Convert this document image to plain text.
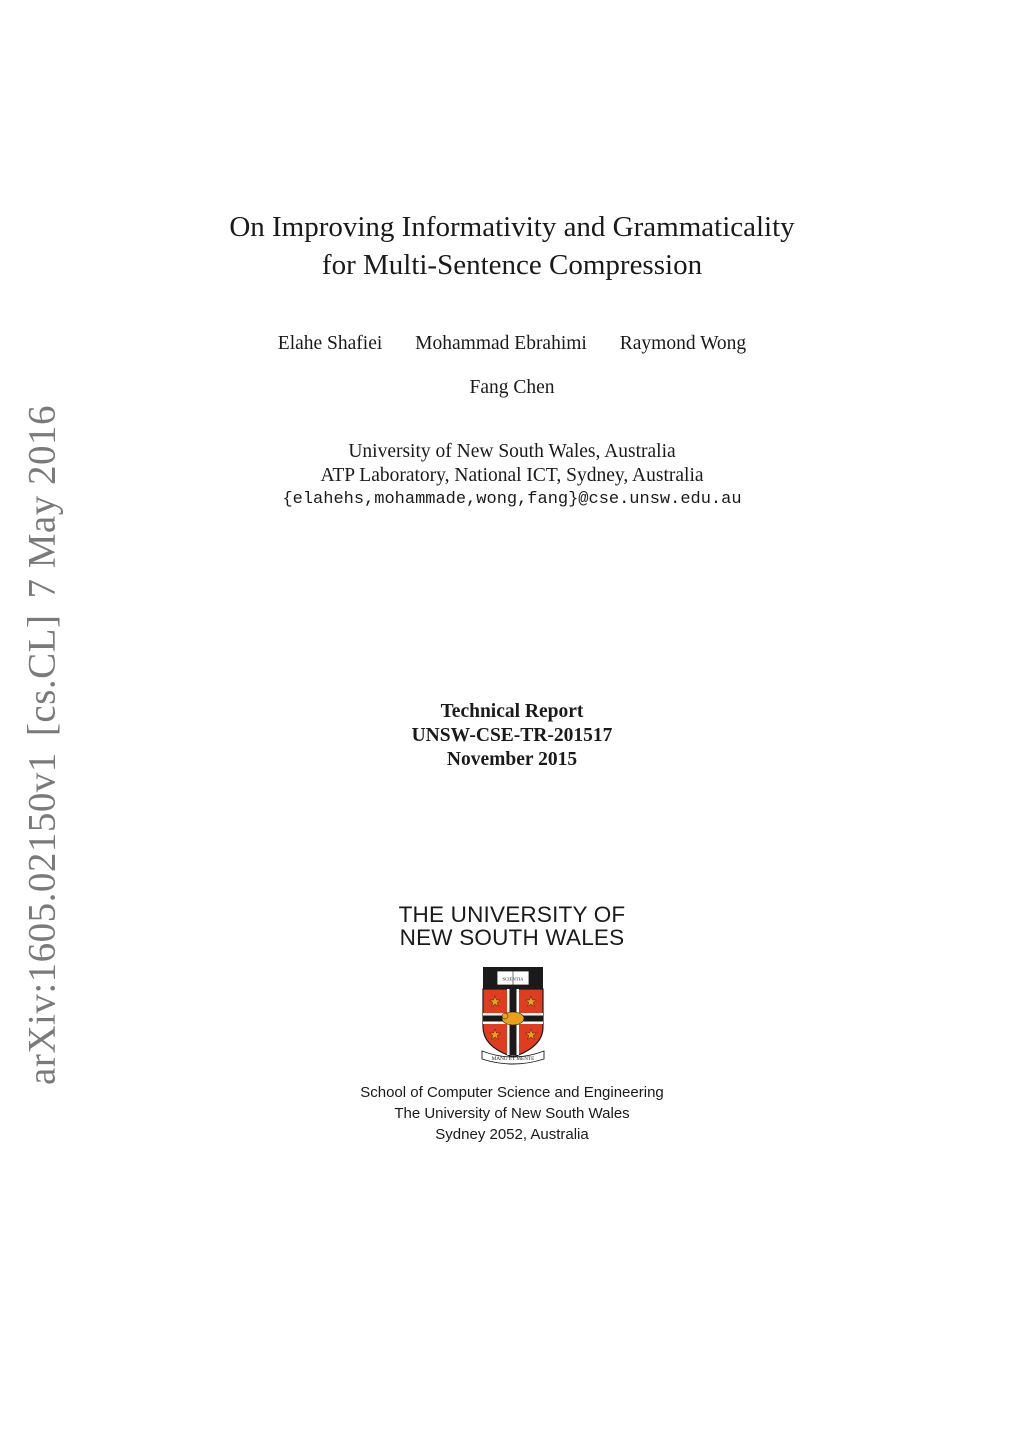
arXiv:1605.02150v1[cs.CL]7 May 2016
On Improving Informativity and Grammaticality
for Multi-Sentence Compression
Elahe Shafiei Mohammad Ebrahimi Raymond Wong
Fang Chen
University of New South Wales, Australia
ATP Laboratory, National ICT, Sydney, Australia
{elahehs,mohammade,wong,fang}@cse.unsw.edu.au
Technical Report
UNSW-CSE-TR-201517
November 2015
THE UNIVERSITY OF
NEW SOUTH WALES
SCIENTIA
MANU ET MENTE
School of Computer Science and Engineering
The University of New South Wales
Sydney 2052, Australia
